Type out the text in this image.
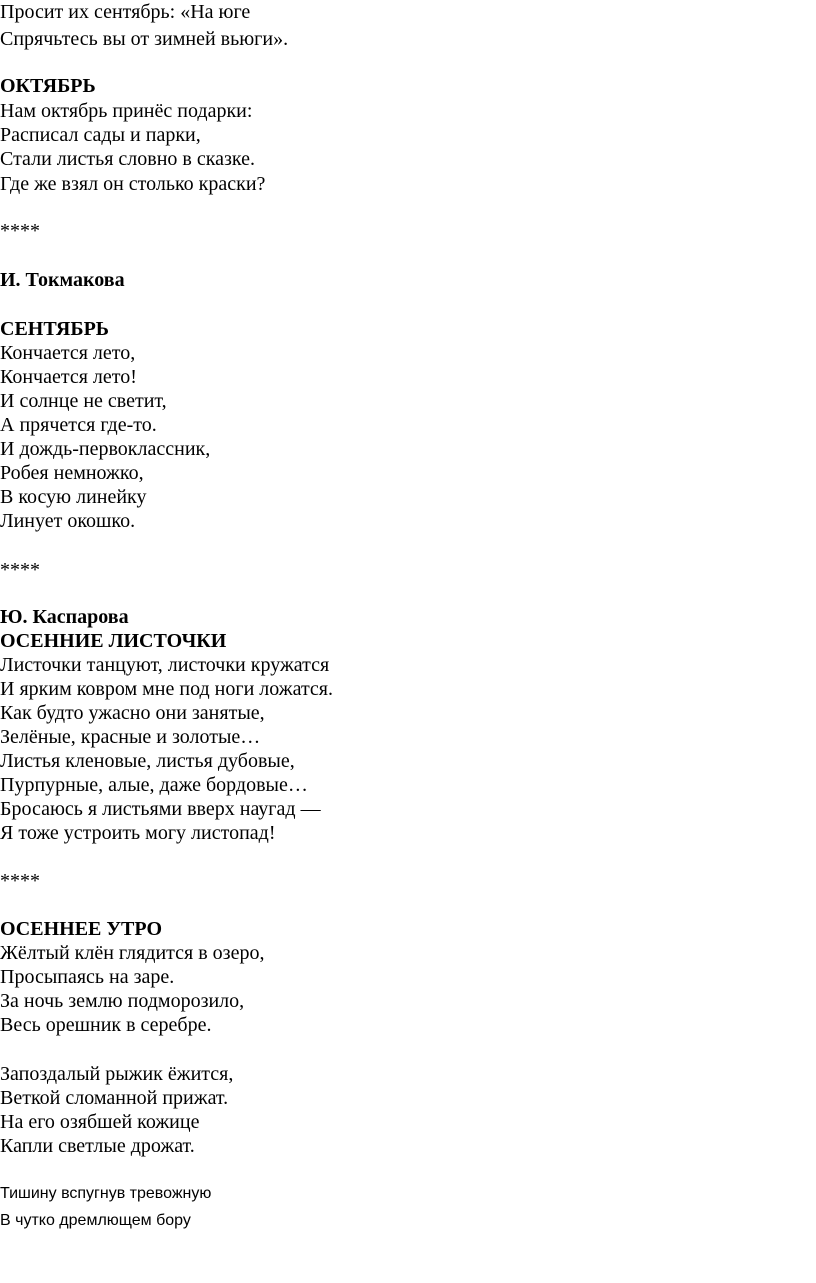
Просит их сентябрь: «На юге

Спрячьтесь вы от зимней вьюги».

ОКТЯБРЬ

Нам октябрь принёс подарки:

Расписал сады и парки,

Стали листья словно в сказке.

Где же взял он столько краски?

****

И. Токмакова

СЕНТЯБРЬ

Кончается лето,

Кончается лето!

И солнце не светит,

А прячется где-то.

И дождь-первоклассник,

Робея немножко,

В косую линейку

Линует окошко.

****

Ю. Каспарова

ОСЕННИЕ ЛИСТОЧКИ

Листочки танцуют, листочки кружатся

И ярким ковром мне под ноги ложатся.

Как будто ужасно они занятые,

Зелёные, красные и золотые…

Листья кленовые, листья дубовые,

Пурпурные, алые, даже бордовые…

Бросаюсь я листьями вверх наугад —

Я тоже устроить могу листопад!

****

ОСЕННЕЕ УТРО

Жёлтый клён глядится в озеро,

Просыпаясь на заре.

За ночь землю подморозило,

Весь орешник в серебре.

Запоздалый рыжик ёжится,

Веткой сломанной прижат.

На его озябшей кожице

Капли светлые дрожат.

Тишину вспугнув тревожную

В чутко дремлющем бору
